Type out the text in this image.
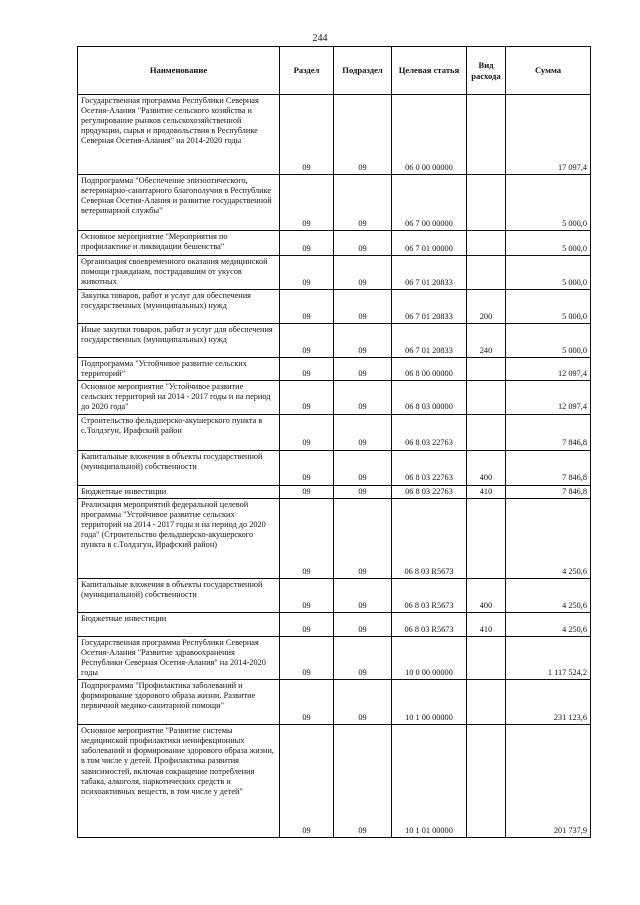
244
Наименование	Раздел	Подраздел	Целевая статья	Вид расхода	Сумма
Государственная программа Республики Северная Осетия-Алания "Развитие сельского хозяйства и регулирование рынков сельскохозяйственной продукции, сырья и продовольствия в Республике Северная Осетия-Алания" на 2014-2020 годы	09	09	06 0 00 00000		17 097,4
Подпрограмма "Обеспечение эпизоотического, ветеринарно-санитарного благополучия в Республике Северная Осетия-Алания и развитие государственной ветеринарной службы"	09	09	06 7 00 00000		5 000,0
Основное мероприятие "Мероприятия по профилактике и ликвидации бешенства"	09	09	06 7 01 00000		5 000,0
Организация своевременного оказания медицинской помощи гражданам, пострадавшим от укусов животных	09	09	06 7 01 20833		5 000,0
Закупка товаров, работ и услуг для обеспечения государственных (муниципальных) нужд	09	09	06 7 01 20833	200	5 000,0
Иные закупки товаров, работ и услуг для обеспечения государственных (муниципальных) нужд	09	09	06 7 01 20833	240	5 000,0
Подпрограмма "Устойчивое развитие сельских территорий"	09	09	06 8 00 00000		12 097,4
Основное мероприятие "Устойчивое развитие сельских территорий на 2014 - 2017 годы и на период до 2020 года"	09	09	06 8 03 00000		12 097,4
Строительство фельдшерско-акушерского пункта в с.Толдзгун, Ирафский район	09	09	06 8 03 22763		7 846,8
Капитальные вложения в объекты государственной (муниципальной) собственности	09	09	06 8 03 22763	400	7 846,8
Бюджетные инвестиции	09	09	06 8 03 22763	410	7 846,8
Реализация мероприятий федеральной целевой программы "Устойчивое развитие сельских территорий на 2014 - 2017 годы и на период до 2020 года" (Строительство фельдшерско-акушерского пункта в с.Толдзгун, Ирафский район)	09	09	06 8 03 R5673		4 250,6
Капитальные вложения в объекты государственной (муниципальной) собственности	09	09	06 8 03 R5673	400	4 250,6
Бюджетные инвестиции	09	09	06 8 03 R5673	410	4 250,6
Государственная программа Республики Северная Осетия-Алания "Развитие здравоохранения Республики Северная Осетия-Алания" на 2014-2020 годы	09	09	10 0 00 00000		1 117 524,2
Подпрограмма "Профилактика заболеваний и формирование здорового образа жизни. Развитие первичной медико-санитарной помощи"	09	09	10 1 00 00000		231 123,6
Основное мероприятие "Развитие системы медицинской профилактики неинфекционных заболеваний и формирование здорового образа жизни, в том числе у детей. Профилактика развития зависимостей, включая сокращение потребления табака, алкоголя, наркотических средств и психоактивных веществ, в том числе у детей"	09	09	10 1 01 00000		201 737,9
